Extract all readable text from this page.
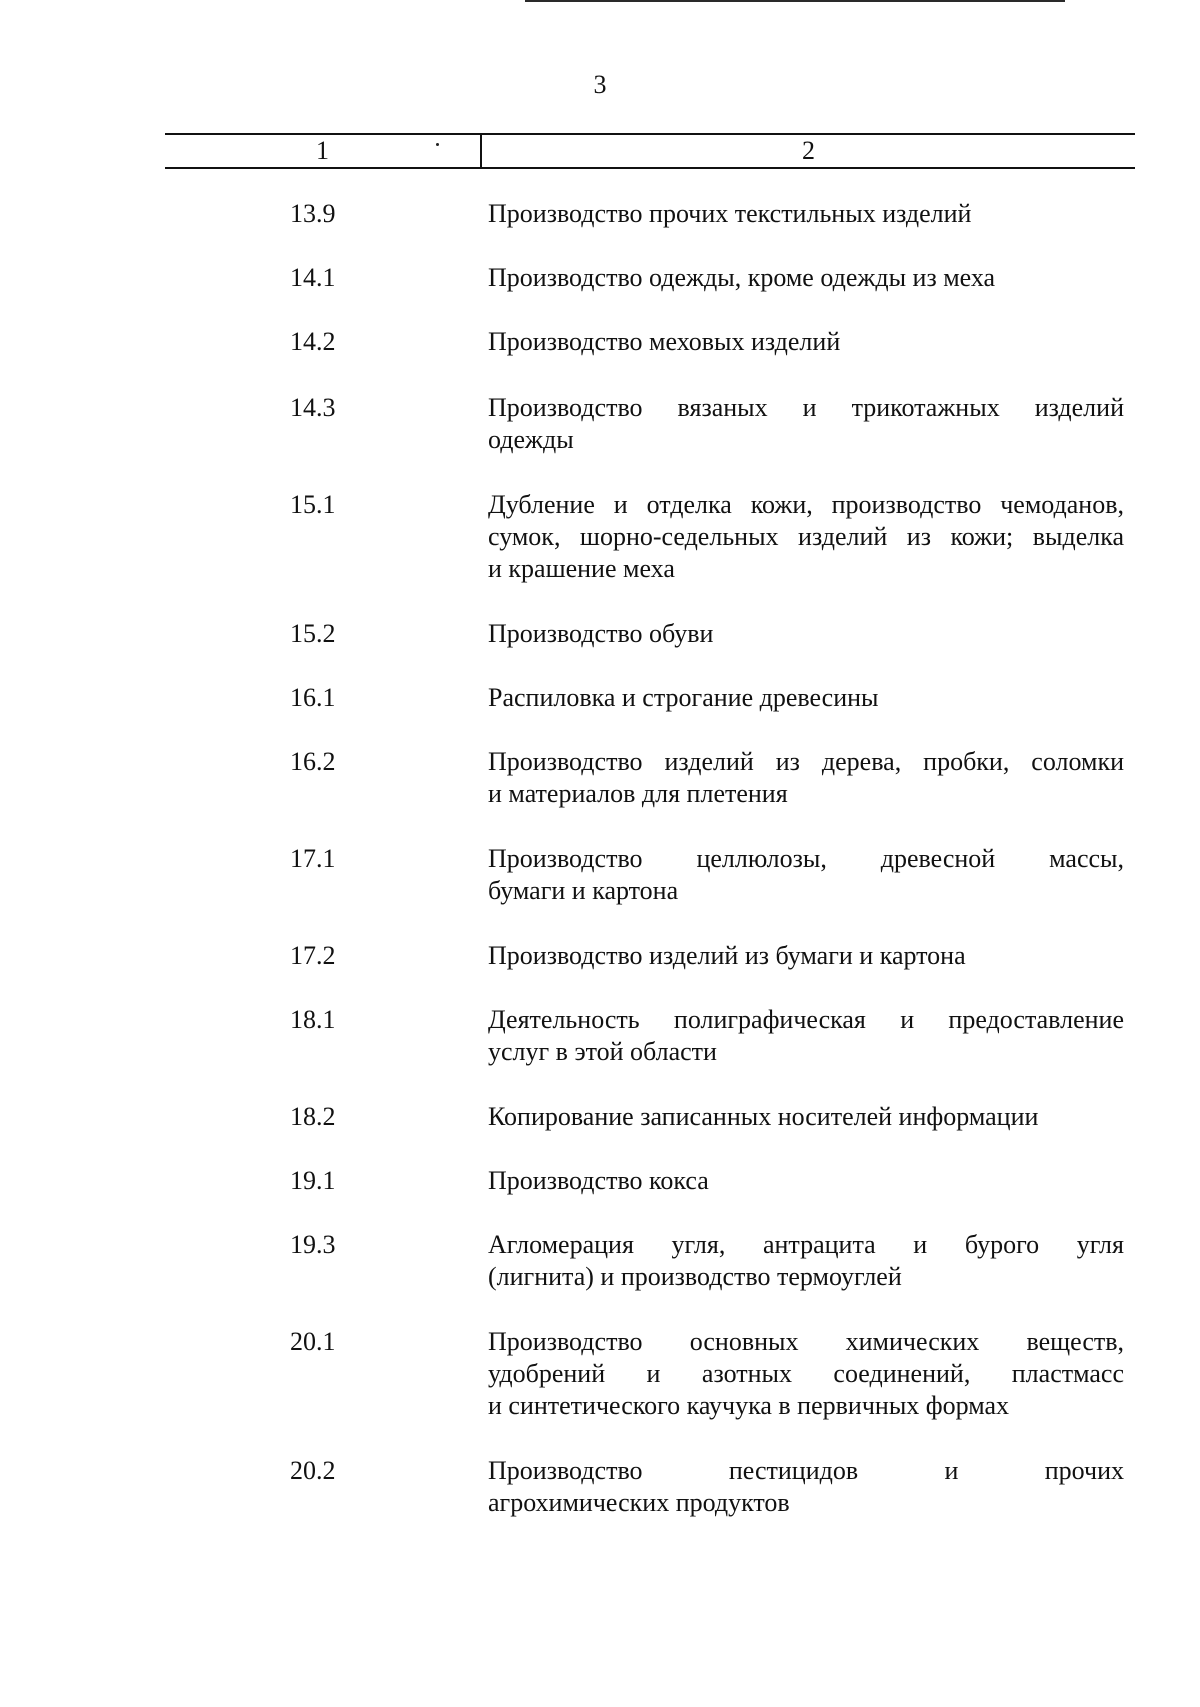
3
1	2
13.9	Производство прочих текстильных изделий
14.1	Производство одежды, кроме одежды из меха
14.2	Производство меховых изделий
14.3	Производство вязаных и трикотажных изделий
одежды
15.1	Дубление и отделка кожи, производство чемоданов,
сумок, шорно-седельных изделий из кожи; выделка
и крашение меха
15.2	Производство обуви
16.1	Распиловка и строгание древесины
16.2	Производство изделий из дерева, пробки, соломки
и материалов для плетения
17.1	Производство целлюлозы, древесной массы,
бумаги и картона
17.2	Производство изделий из бумаги и картона
18.1	Деятельность полиграфическая и предоставление
услуг в этой области
18.2	Копирование записанных носителей информации
19.1	Производство кокса
19.3	Агломерация угля, антрацита и бурого угля
(лигнита) и производство термоуглей
20.1	Производство основных химических веществ,
удобрений и азотных соединений, пластмасс
и синтетического каучука в первичных формах
20.2	Производство пестицидов и прочих
агрохимических продуктов
